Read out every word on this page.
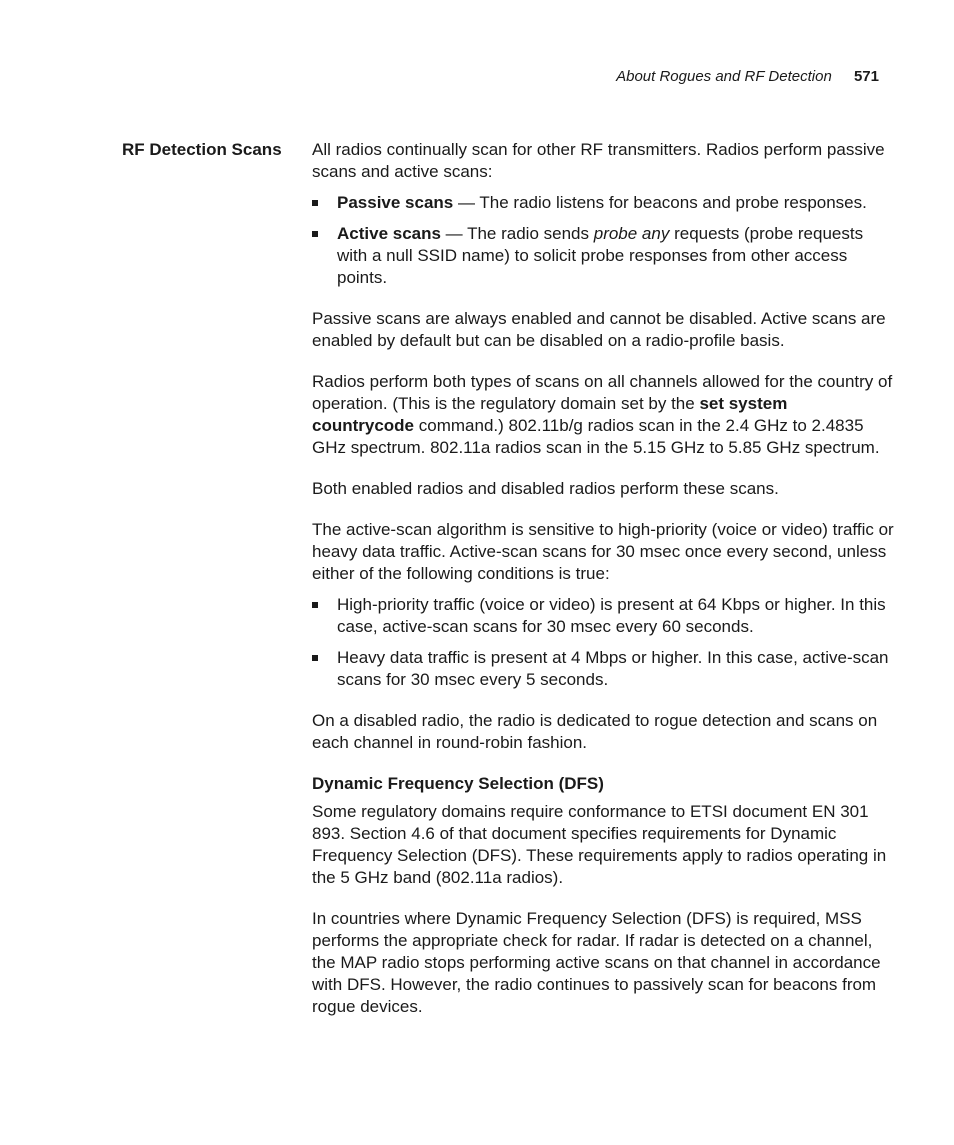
About Rogues and RF Detection 571
RF Detection Scans	All radios continually scan for other RF transmitters. Radios perform passive scans and active scans:

Passive scans — The radio listens for beacons and probe responses.
Active scans — The radio sends probe any requests (probe requests with a null SSID name) to solicit probe responses from other access points.

Passive scans are always enabled and cannot be disabled. Active scans are enabled by default but can be disabled on a radio-profile basis.

Radios perform both types of scans on all channels allowed for the country of operation. (This is the regulatory domain set by the set system countrycode command.) 802.11b/g radios scan in the 2.4 GHz to 2.4835 GHz spectrum. 802.11a radios scan in the 5.15 GHz to 5.85 GHz spectrum.

Both enabled radios and disabled radios perform these scans.

The active-scan algorithm is sensitive to high-priority (voice or video) traffic or heavy data traffic. Active-scan scans for 30 msec once every second, unless either of the following conditions is true:

High-priority traffic (voice or video) is present at 64 Kbps or higher. In this case, active-scan scans for 30 msec every 60 seconds.
Heavy data traffic is present at 4 Mbps or higher. In this case, active-scan scans for 30 msec every 5 seconds.

On a disabled radio, the radio is dedicated to rogue detection and scans on each channel in round-robin fashion.

Dynamic Frequency Selection (DFS)

Some regulatory domains require conformance to ETSI document EN 301 893. Section 4.6 of that document specifies requirements for Dynamic Frequency Selection (DFS). These requirements apply to radios operating in the 5 GHz band (802.11a radios).

In countries where Dynamic Frequency Selection (DFS) is required, MSS performs the appropriate check for radar. If radar is detected on a channel, the MAP radio stops performing active scans on that channel in accordance with DFS. However, the radio continues to passively scan for beacons from rogue devices.
